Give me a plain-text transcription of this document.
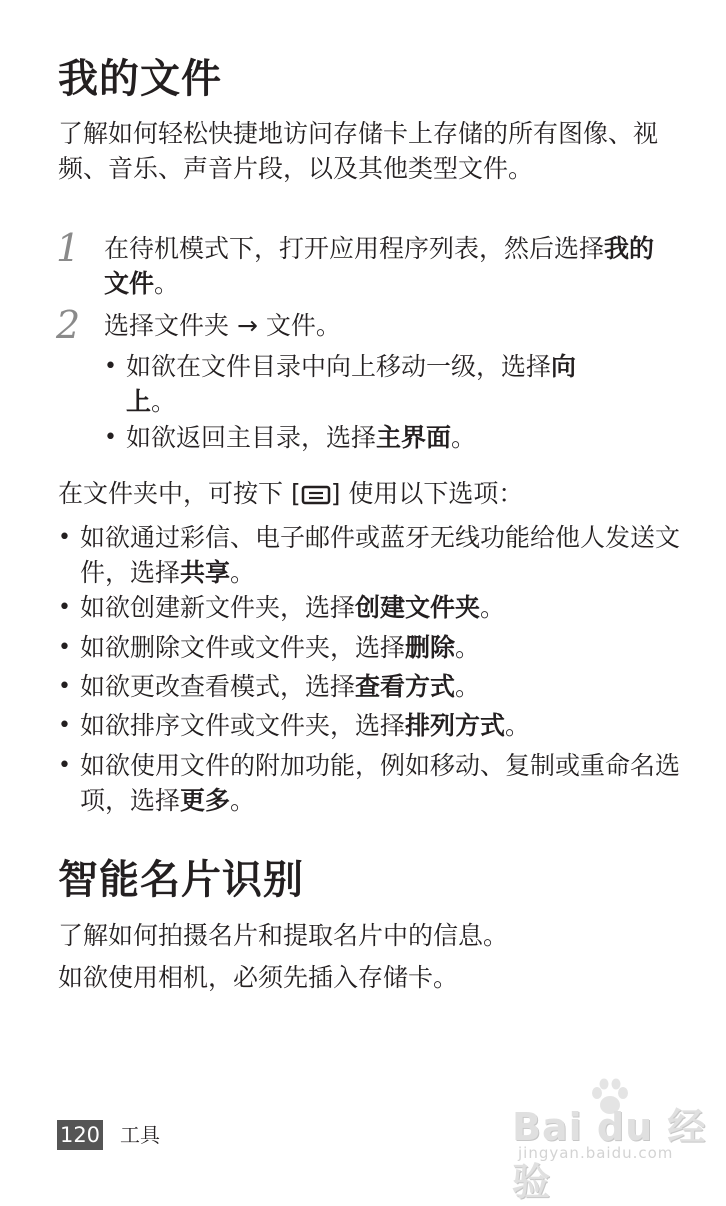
我的文件

了解如何轻松快捷地访问存储卡上存储的所有图像、视频、音乐、声音片段，以及其他类型文件。

1 在待机模式下，打开应用程序列表，然后选择我的文件。

2 选择文件夹 → 文件。

• 如欲在文件目录中向上移动一级，选择向上。

• 如欲返回主目录，选择主界面。

在文件夹中，可按下 [ ] 使用以下选项：

• 如欲通过彩信、电子邮件或蓝牙无线功能给他人发送文件，选择共享。

• 如欲创建新文件夹，选择创建文件夹。

• 如欲删除文件或文件夹，选择删除。

• 如欲更改查看模式，选择查看方式。

• 如欲排序文件或文件夹，选择排列方式。

• 如欲使用文件的附加功能，例如移动、复制或重命名选项，选择更多。

智能名片识别

了解如何拍摄名片和提取名片中的信息。

如欲使用相机，必须先插入存储卡。

120 工具	Bai du 经验
jingyan.baidu.com
